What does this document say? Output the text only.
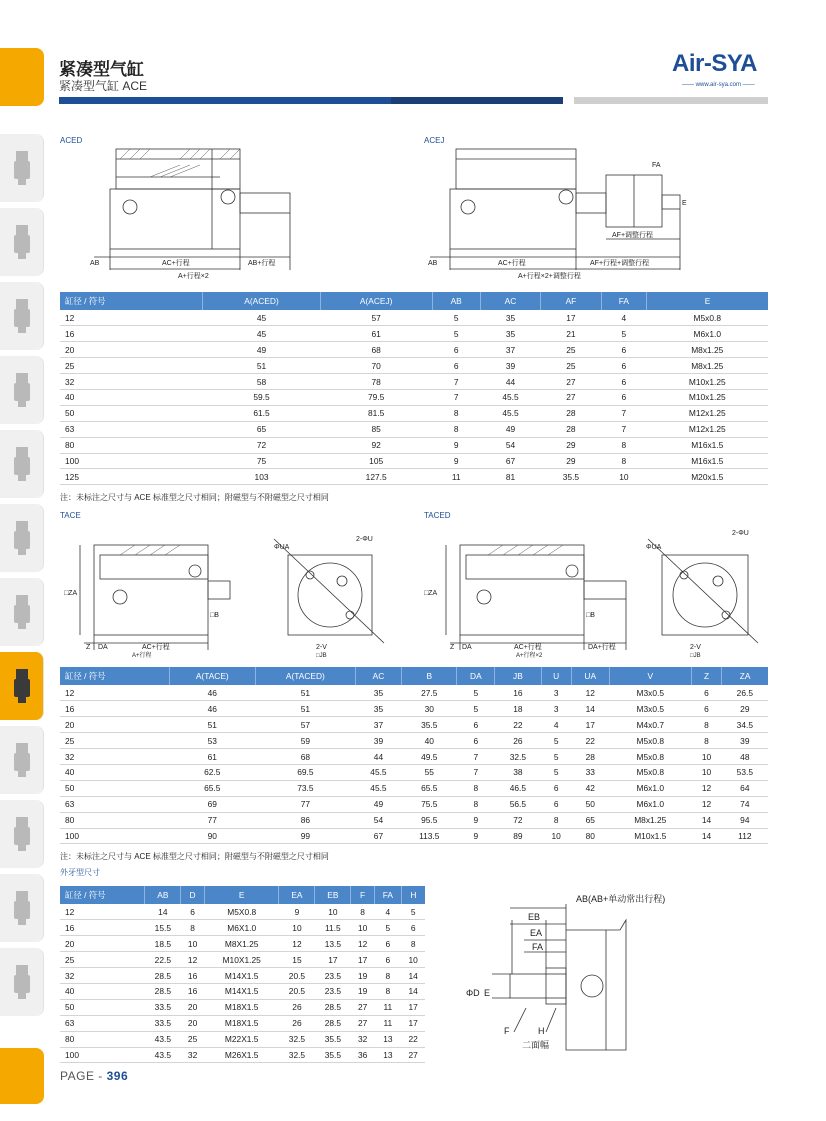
紧凑型气缸
紧凑型气缸 ACE
Air-SYA
—— www.air-sya.com ——
ACED	ACEJ
TACE	TACED
外牙型尺寸
AB	AC+行程	AB+行程
A+行程×2
FA
E
AF+调整行程
AB	AC+行程	AF+行程+调整行程
A+行程×2+调整行程
缸径 / 符号	A(ACED)	A(ACEJ)	AB	AC	AF	FA	E
12	45	57	5	35	17	4	M5x0.8
16	45	61	5	35	21	5	M6x1.0
20	49	68	6	37	25	6	M8x1.25
25	51	70	6	39	25	6	M8x1.25
32	58	78	7	44	27	6	M10x1.25
40	59.5	79.5	7	45.5	27	6	M10x1.25
50	61.5	81.5	8	45.5	28	7	M12x1.25
63	65	85	8	49	28	7	M12x1.25
80	72	92	9	54	29	8	M16x1.5
100	75	105	9	67	29	8	M16x1.5
125	103	127.5	11	81	35.5	10	M20x1.5
注：未标注之尺寸与 ACE 标准型之尺寸相同；附磁型与不附磁型之尺寸相同
□ZA
□B
Z DA	AC+行程
A+行程
ΦUA
2-ΦU
2-V
□JB
□ZA
□B
Z DA	AC+行程	DA+行程
A+行程×2
ΦUA
2-ΦU
2-V
□JB
缸径 / 符号	A(TACE)	A(TACED)	AC	B	DA	JB	U	UA	V	Z	ZA
12	46	51	35	27.5	5	16	3	12	M3x0.5	6	26.5
16	46	51	35	30	5	18	3	14	M3x0.5	6	29
20	51	57	37	35.5	6	22	4	17	M4x0.7	8	34.5
25	53	59	39	40	6	26	5	22	M5x0.8	8	39
32	61	68	44	49.5	7	32.5	5	28	M5x0.8	10	48
40	62.5	69.5	45.5	55	7	38	5	33	M5x0.8	10	53.5
50	65.5	73.5	45.5	65.5	8	46.5	6	42	M6x1.0	12	64
63	69	77	49	75.5	8	56.5	6	50	M6x1.0	12	74
80	77	86	54	95.5	9	72	8	65	M8x1.25	14	94
100	90	99	67	113.5	9	89	10	80	M10x1.5	14	112
注：未标注之尺寸与 ACE 标准型之尺寸相同；附磁型与不附磁型之尺寸相同
缸径 / 符号	AB	D	E	EA	EB	F	FA	H
12	14	6	M5X0.8	9	10	8	4	5
16	15.5	8	M6X1.0	10	11.5	10	5	6
20	18.5	10	M8X1.25	12	13.5	12	6	8
25	22.5	12	M10X1.25	15	17	17	6	10
32	28.5	16	M14X1.5	20.5	23.5	19	8	14
40	28.5	16	M14X1.5	20.5	23.5	19	8	14
50	33.5	20	M18X1.5	26	28.5	27	11	17
63	33.5	20	M18X1.5	26	28.5	27	11	17
80	43.5	25	M22X1.5	32.5	35.5	32	13	22
100	43.5	32	M26X1.5	32.5	35.5	36	13	27
AB(AB+单动常出行程)
EB
EA
FA
ΦD E
F	H
二面幅
PAGE - 396
